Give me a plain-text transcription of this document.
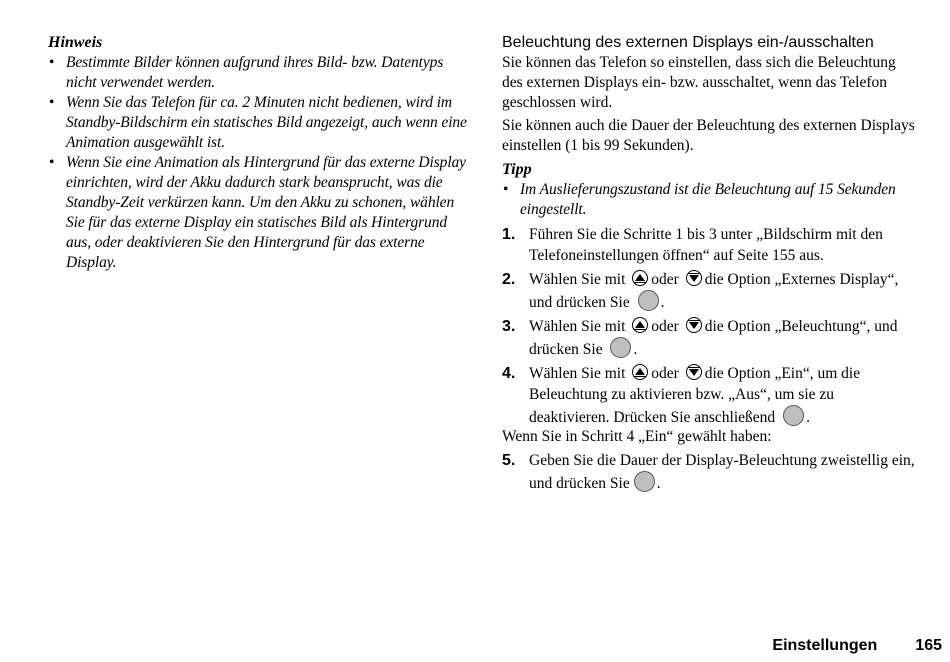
Hinweis

• Bestimmte Bilder können aufgrund ihres Bild- bzw. Datentyps nicht verwendet werden.
• Wenn Sie das Telefon für ca. 2 Minuten nicht bedienen, wird im Standby-Bildschirm ein statisches Bild angezeigt, auch wenn eine Animation ausgewählt ist.
• Wenn Sie eine Animation als Hintergrund für das externe Display einrichten, wird der Akku dadurch stark beansprucht, was die Standby-Zeit verkürzen kann. Um den Akku zu schonen, wählen Sie für das externe Display ein statisches Bild als Hintergrund aus, oder deaktivieren Sie den Hintergrund für das externe Display.

Beleuchtung des externen Displays ein-/ausschalten

Sie können das Telefon so einstellen, dass sich die Beleuchtung des externen Displays ein- bzw. ausschaltet, wenn das Telefon geschlossen wird.

Sie können auch die Dauer der Beleuchtung des externen Displays einstellen (1 bis 99 Sekunden).

Tipp

• Im Auslieferungszustand ist die Beleuchtung auf 15 Sekunden eingestellt.
1. Führen Sie die Schritte 1 bis 3 unter „Bildschirm mit den Telefoneinstellungen öffnen“ auf Seite 155 aus.
2. Wählen Sie mit oder die Option „Externes Display“, und drücken Sie .
3. Wählen Sie mit oder die Option „Beleuchtung“, und drücken Sie .
4. Wählen Sie mit oder die Option „Ein“, um die Beleuchtung zu aktivieren bzw. „Aus“, um sie zu deaktivieren. Drücken Sie anschließend .

Wenn Sie in Schritt 4 „Ein“ gewählt haben:

5. Geben Sie die Dauer der Display-Beleuchtung zweistellig ein, und drücken Sie .
Einstellungen 165
